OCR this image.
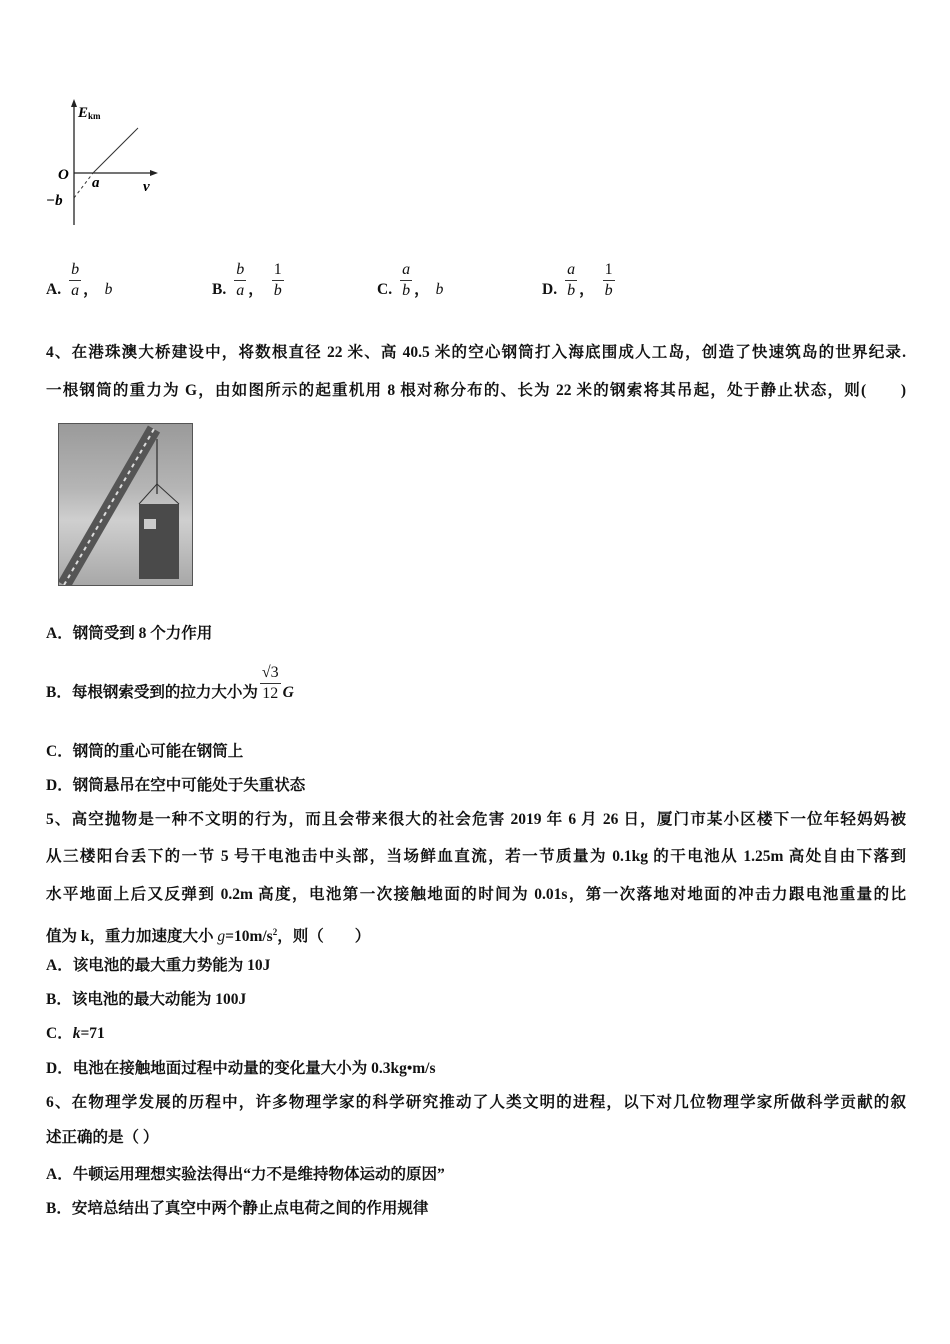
Ekm
O a	v
−b
A. $\frac{b}{a}$ ， b	B. $\frac{b}{a}$ ， $\frac{1}{b}$	C. $\frac{a}{b}$ ， b	D. $\frac{a}{b}$ ， $\frac{1}{b}$
4、在港珠澳大桥建设中，将数根直径 22 米、高 40.5 米的空心钢筒打入海底围成人工岛，创造了快速筑岛的世界纪录.
一根钢筒的重力为 G，由如图所示的起重机用 8 根对称分布的、长为 22 米的钢索将其吊起，处于静止状态，则(　　)
A．钢筒受到 8 个力作用
B．每根钢索受到的拉力大小为 $\frac{√3}{12}$ G
C．钢筒的重心可能在钢筒上
D．钢筒悬吊在空中可能处于失重状态
5、高空抛物是一种不文明的行为，而且会带来很大的社会危害 2019 年 6 月 26 日，厦门市某小区楼下一位年轻妈妈被
从三楼阳台丢下的一节 5 号干电池击中头部，当场鲜血直流，若一节质量为 0.1kg 的干电池从 1.25m 高处自由下落到
水平地面上后又反弹到 0.2m 高度，电池第一次接触地面的时间为 0.01s，第一次落地对地面的冲击力跟电池重量的比
值为 k，重力加速度大小 $g=10m/s^2$，则（　　）
A．该电池的最大重力势能为 10J
B．该电池的最大动能为 100J
C．k=71
D．电池在接触地面过程中动量的变化量大小为 0.3kg•m/s
6、在物理学发展的历程中，许多物理学家的科学研究推动了人类文明的进程，以下对几位物理学家所做科学贡献的叙
述正确的是（ ）
A．牛顿运用理想实验法得出“力不是维持物体运动的原因”
B．安培总结出了真空中两个静止点电荷之间的作用规律
